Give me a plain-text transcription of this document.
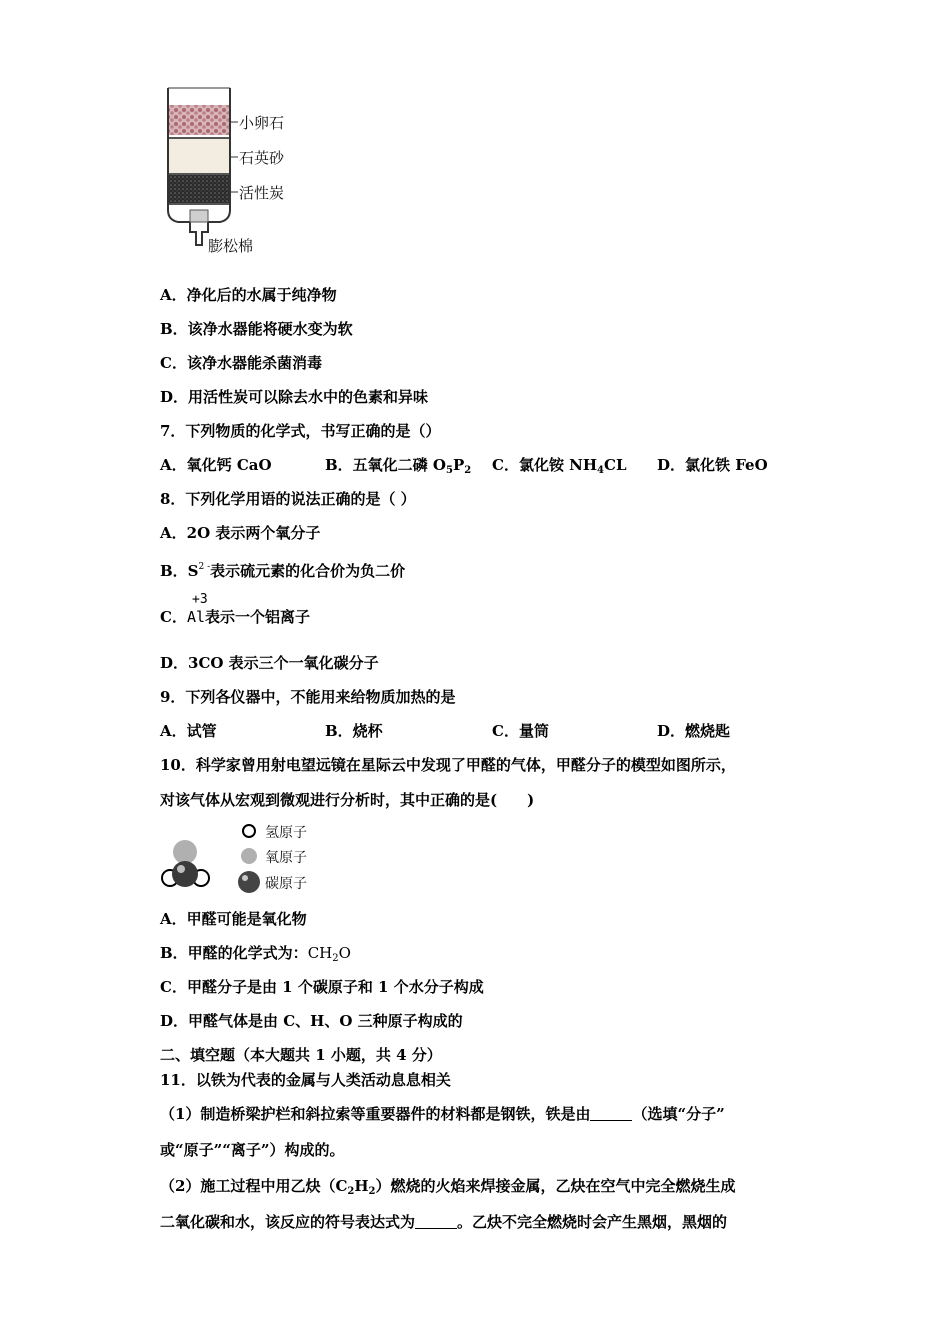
小卵石
石英砂
活性炭
膨松棉
A．净化后的水属于纯净物
B．该净水器能将硬水变为软
C．该净水器能杀菌消毒
D．用活性炭可以除去水中的色素和异味
7．下列物质的化学式，书写正确的是（）
A．氧化钙 CaO	B．五氧化二磷 $O_5P_2$ C．氯化铵 $NH_4CL$ D．氯化铁 FeO
8．下列化学用语的说法正确的是（ ）
A．2O 表示两个氧分子
B．$S^{2 -}$表示硫元素的化合价为负二价
+3
C．Al表示一个铝离子
D．3CO 表示三个一氧化碳分子
9．下列各仪器中，不能用来给物质加热的是
A．试管	B．烧杯	C．量筒	D．燃烧匙
10．科学家曾用射电望远镜在星际云中发现了甲醛的气体，甲醛分子的模型如图所示，
对该气体从宏观到微观进行分析时，其中正确的是(　　)
氢原子
氧原子
碳原子
A．甲醛可能是氧化物
B．甲醛的化学式为：$CH_2O$
C．甲醛分子是由 1 个碳原子和 1 个水分子构成
D．甲醛气体是由 C、H、O 三种原子构成的
二、填空题（本大题共 1 小题，共 4 分）
11．以铁为代表的金属与人类活动息息相关
（1）制造桥梁护栏和斜拉索等重要器件的材料都是钢铁，铁是由	（选填“分子”
或“原子”“离子”）构成的。
（2）施工过程中用乙炔$(C_2H_2)$燃烧的火焰来焊接金属，乙炔在空气中完全燃烧生成
二氧化碳和水，该反应的符号表达式为	。乙炔不完全燃烧时会产生黑烟，黑烟的
